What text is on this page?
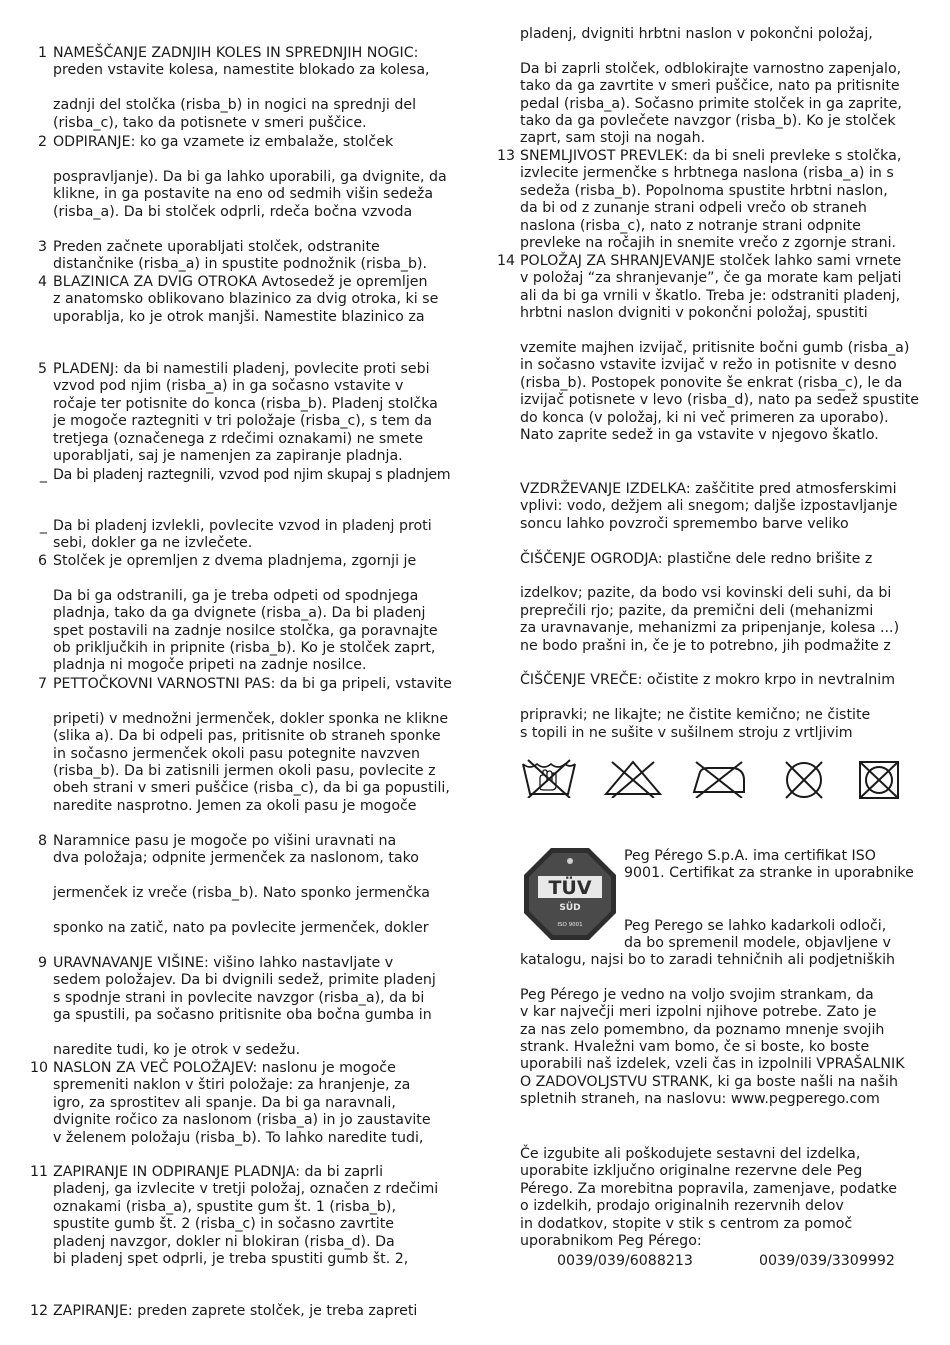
1 NAMEŠČANJE ZADNJIH KOLES IN SPREDNJIH NOGIC:
preden vstavite kolesa, namestite blokado za kolesa,

zadnji del stolčka (risba_b) in nogici na sprednji del
(risba_c), tako da potisnete v smeri puščice.
2 ODPIRANJE: ko ga vzamete iz embalaže, stolček

pospravljanje). Da bi ga lahko uporabili, ga dvignite, da
klikne, in ga postavite na eno od sedmih višin sedeža
(risba_a). Da bi stolček odprli, rdeča bočna vzvoda
3 Preden začnete uporabljati stolček, odstranite
distančnike (risba_a) in spustite podnožnik (risba_b).
4 BLAZINICA ZA DVIG OTROKA Avtosedež je opremljen
z anatomsko oblikovano blazinico za dvig otroka, ki se
uporablja, ko je otrok manjši. Namestite blazinico za
5 PLADENJ: da bi namestili pladenj, povlecite proti sebi
vzvod pod njim (risba_a) in ga sočasno vstavite v
ročaje ter potisnite do konca (risba_b). Pladenj stolčka
je mogoče raztegniti v tri položaje (risba_c), s tem da
tretjega (označenega z rdečimi oznakami) ne smete
uporabljati, saj je namenjen za zapiranje pladnja.
_ Da bi pladenj raztegnili, vzvod pod njim skupaj s pladnjem
_ Da bi pladenj izvlekli, povlecite vzvod in pladenj proti
sebi, dokler ga ne izvlečete.
6 Stolček je opremljen z dvema pladnjema, zgornji je

Da bi ga odstranili, ga je treba odpeti od spodnjega
pladnja, tako da ga dvignete (risba_a). Da bi pladenj
spet postavili na zadnje nosilce stolčka, ga poravnajte
ob priključkih in pripnite (risba_b). Ko je stolček zaprt,
pladnja ni mogoče pripeti na zadnje nosilce.
7 PETTOČKOVNI VARNOSTNI PAS: da bi ga pripeli, vstavite

pripeti) v mednožni jermenček, dokler sponka ne klikne
(slika a). Da bi odpeli pas, pritisnite ob straneh sponke
in sočasno jermenček okoli pasu potegnite navzven
(risba_b). Da bi zatisnili jermen okoli pasu, povlecite z
obeh strani v smeri puščice (risba_c), da bi ga popustili,
naredite nasprotno. Jemen za okoli pasu je mogoče
8 Naramnice pasu je mogoče po višini uravnati na
dva položaja; odpnite jermenček za naslonom, tako

jermenček iz vreče (risba_b). Nato sponko jermenčka

sponko na zatič, nato pa povlecite jermenček, dokler
9 URAVNAVANJE VIŠINE: višino lahko nastavljate v
sedem položajev. Da bi dvignili sedež, primite pladenj
s spodnje strani in povlecite navzgor (risba_a), da bi
ga spustili, pa sočasno pritisnite oba bočna gumba in

naredite tudi, ko je otrok v sedežu.
10 NASLON ZA VEČ POLOŽAJEV: naslonu je mogoče
spremeniti naklon v štiri položaje: za hranjenje, za
igro, za sprostitev ali spanje. Da bi ga naravnali,
dvignite ročico za naslonom (risba_a) in jo zaustavite
v želenem položaju (risba_b). To lahko naredite tudi,
11 ZAPIRANJE IN ODPIRANJE PLADNJA: da bi zaprli
pladenj, ga izvlecite v tretji položaj, označen z rdečimi
oznakami (risba_a), spustite gum št. 1 (risba_b),
spustite gumb št. 2 (risba_c) in sočasno zavrtite
pladenj navzgor, dokler ni blokiran (risba_d). Da
bi pladenj spet odprli, je treba spustiti gumb št. 2,
12 ZAPIRANJE: preden zaprete stolček, je treba zapreti
pladenj, dvigniti hrbtni naslon v pokončni položaj,

Da bi zaprli stolček, odblokirajte varnostno zapenjalo,
tako da ga zavrtite v smeri puščice, nato pa pritisnite
pedal (risba_a). Sočasno primite stolček in ga zaprite,
tako da ga povlečete navzgor (risba_b). Ko je stolček
zaprt, sam stoji na nogah.
13 SNEMLJIVOST PREVLEK: da bi sneli prevleke s stolčka,
izvlecite jermenčke s hrbtnega naslona (risba_a) in s
sedeža (risba_b). Popolnoma spustite hrbtni naslon,
da bi od z zunanje strani odpeli vrečo ob straneh
naslona (risba_c), nato z notranje strani odpnite
prevleke na ročajih in snemite vrečo z zgornje strani.
14 POLOŽAJ ZA SHRANJEVANJE stolček lahko sami vrnete
v položaj “za shranjevanje”, če ga morate kam peljati
ali da bi ga vrnili v škatlo. Treba je: odstraniti pladenj,
hrbtni naslon dvigniti v pokončni položaj, spustiti

vzemite majhen izvijač, pritisnite bočni gumb (risba_a)
in sočasno vstavite izvijač v režo in potisnite v desno
(risba_b). Postopek ponovite še enkrat (risba_c), le da
izvijač potisnete v levo (risba_d), nato pa sedež spustite
do konca (v položaj, ki ni več primeren za uporabo).
Nato zaprite sedež in ga vstavite v njegovo škatlo.
VZDRŽEVANJE IZDELKA: zaščitite pred atmosferskimi
vplivi: vodo, dežjem ali snegom; daljše izpostavljanje
soncu lahko povzroči spremembo barve veliko

ČIŠČENJE OGRODJA: plastične dele redno brišite z

izdelkov; pazite, da bodo vsi kovinski deli suhi, da bi
preprečili rjo; pazite, da premični deli (mehanizmi
za uravnavanje, mehanizmi za pripenjanje, kolesa ...)
ne bodo prašni in, če je to potrebno, jih podmažite z

ČIŠČENJE VREČE: očistite z mokro krpo in nevtralnim

pripravki; ne likajte; ne čistite kemično; ne čistite
s topili in ne sušite v sušilnem stroju z vrtljivim
Peg Pérego S.p.A. ima certifikat ISO
9001. Certifikat za stranke in uporabnike

Peg Perego se lahko kadarkoli odloči,
da bo spremenil modele, objavljene v
katalogu, najsi bo to zaradi tehničnih ali podjetniških

Peg Pérego je vedno na voljo svojim strankam, da
v kar največji meri izpolni njihove potrebe. Zato je
za nas zelo pomembno, da poznamo mnenje svojih
strank. Hvaležni vam bomo, če si boste, ko boste
uporabili naš izdelek, vzeli čas in izpolnili VPRAŠALNIK
O ZADOVOLJSTVU STRANK, ki ga boste našli na naših
spletnih straneh, na naslovu: www.pegperego.com
Če izgubite ali poškodujete sestavni del izdelka,
uporabite izključno originalne rezervne dele Peg
Pérego. Za morebitna popravila, zamenjave, podatke
o izdelkih, prodajo originalnih rezervnih delov
in dodatkov, stopite v stik s centrom za pomoč
uporabnikom Peg Pérego:
0039/039/6088213	0039/039/3309992
TÜV
SÜD
ISO 9001
